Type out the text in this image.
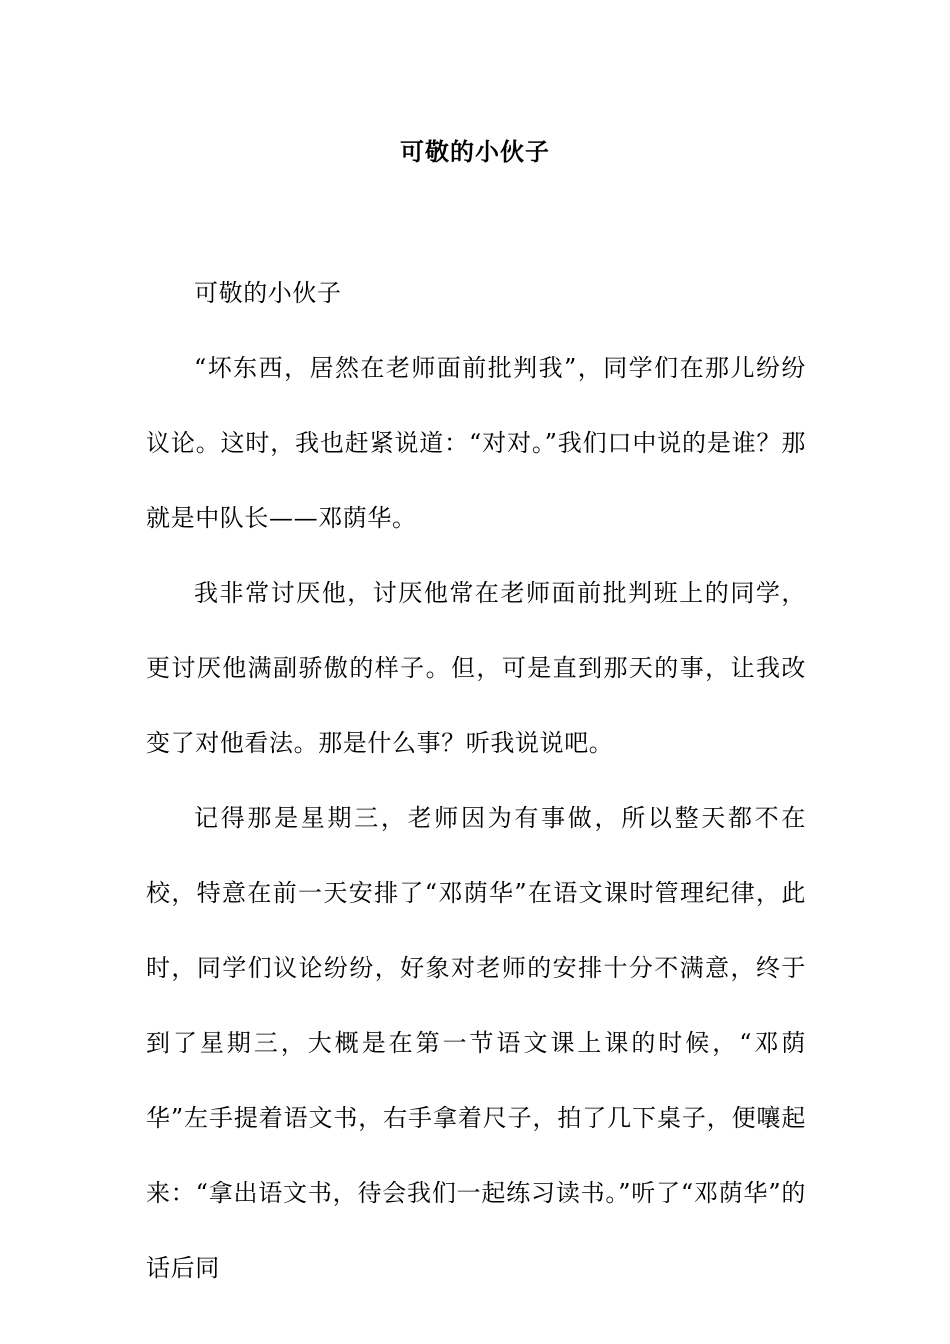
可敬的小伙子

可敬的小伙子

“坏东西，居然在老师面前批判我”，同学们在那儿纷纷议论。这时，我也赶紧说道：“对对。”我们口中说的是谁？那就是中队长——邓荫华。

我非常讨厌他，讨厌他常在老师面前批判班上的同学，更讨厌他满副骄傲的样子。但，可是直到那天的事，让我改变了对他看法。那是什么事？听我说说吧。

记得那是星期三，老师因为有事做，所以整天都不在校，特意在前一天安排了“邓荫华”在语文课时管理纪律，此时，同学们议论纷纷，好象对老师的安排十分不满意，终于到了星期三，大概是在第一节语文课上课的时候，“邓荫华”左手提着语文书，右手拿着尺子，拍了几下桌子，便嚷起来：“拿出语文书，待会我们一起练习读书。”听了“邓荫华”的话后同
